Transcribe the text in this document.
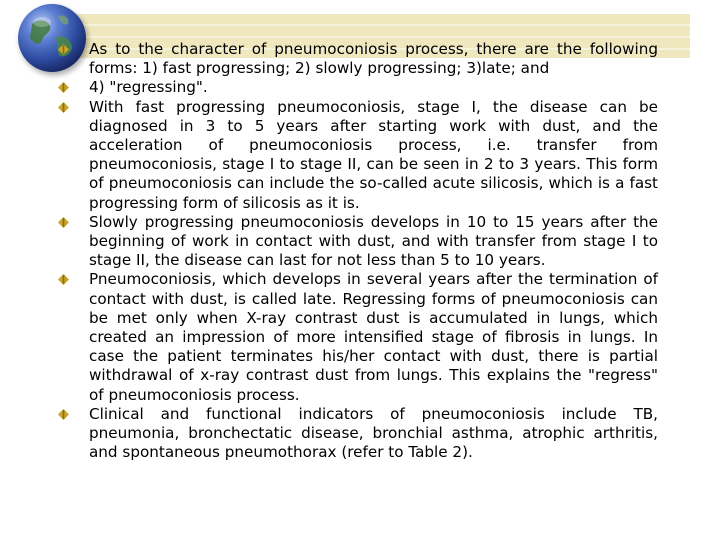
As to the character of pneumoconiosis process, there are the following forms: 1) fast progressing; 2) slowly progressing; 3)late; and
4) "regressing".
With fast progressing pneumoconiosis, stage I, the disease can be diagnosed in 3 to 5 years after starting work with dust, and the acceleration of pneumoconiosis process, i.e. transfer from pneumoconiosis, stage I to stage II, can be seen in 2 to 3 years. This form of pneumoconiosis can include the so-called acute silicosis, which is a fast progressing form of silicosis as it is.
Slowly progressing pneumoconiosis develops in 10 to 15 years after the beginning of work in contact with dust, and with transfer from stage I to stage II, the disease can last for not less than 5 to 10 years.
Pneumoconiosis, which develops in several years after the termination of contact with dust, is called late. Regressing forms of pneumoconiosis can be met only when X-ray contrast dust is accumulated in lungs, which created an impression of more intensified stage of fibrosis in lungs. In case the patient terminates his/her contact with dust, there is partial withdrawal of x-ray contrast dust from lungs. This explains the "regress" of pneumoconiosis process.
Clinical and functional indicators of pneumoconiosis include TB, pneumonia, bronchectatic disease, bronchial asthma, atrophic arthritis, and spontaneous pneumothorax (refer to Table 2).
